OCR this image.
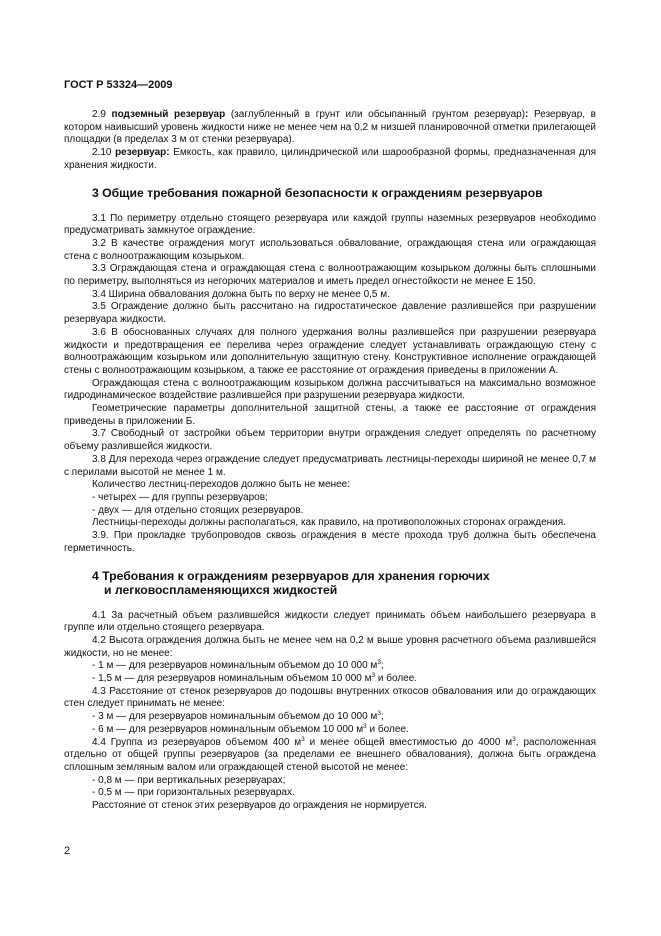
ГОСТ Р 53324—2009

2.9 подземный резервуар (заглубленный в грунт или обсыпанный грунтом резервуар): Резервуар, в котором наивысший уровень жидкости ниже не менее чем на 0,2 м низшей планировочной отметки прилегающей площадки (в пределах 3 м от стенки резервуара).

2.10 резервуар: Емкость, как правило, цилиндрической или шарообразной формы, предназначенная для хранения жидкости.

3 Общие требования пожарной безопасности к ограждениям резервуаров

3.1 По периметру отдельно стоящего резервуара или каждой группы наземных резервуаров необходимо предусматривать замкнутое ограждение.

3.2 В качестве ограждения могут использоваться обвалование, ограждающая стена или ограждающая стена с волноотражающим козырьком.

3.3 Ограждающая стена и ограждающая стена с волноотражающим козырьком должны быть сплошными по периметру, выполняться из негорючих материалов и иметь предел огнестойкости не менее Е 150.

3.4 Ширина обвалования должна быть по верху не менее 0,5 м.

3.5 Ограждение должно быть рассчитано на гидростатическое давление разлившейся при разрушении резервуара жидкости.

3.6 В обоснованных случаях для полного удержания волны разлившейся при разрушении резервуара жидкости и предотвращения ее перелива через ограждение следует устанавливать ограждающую стену с волноотражающим козырьком или дополнительную защитную стену. Конструктивное исполнение ограждающей стены с волноотражающим козырьком, а также ее расстояние от ограждения приведены в приложении А.

Ограждающая стена с волноотражающим козырьком должна рассчитываться на максимально возможное гидродинамическое воздействие разлившейся при разрушении резервуара жидкости.

Геометрические параметры дополнительной защитной стены, а также ее расстояние от ограждения приведены в приложении Б.

3.7 Свободный от застройки объем территории внутри ограждения следует определять по расчетному объему разлившейся жидкости.

3.8 Для перехода через ограждение следует предусматривать лестницы-переходы шириной не менее 0,7 м с перилами высотой не менее 1 м.

Количество лестниц-переходов должно быть не менее:

- четырех — для группы резервуаров;

- двух — для отдельно стоящих резервуаров.

Лестницы-переходы должны располагаться, как правило, на противоположных сторонах ограждения.

3.9. При прокладке трубопроводов сквозь ограждения в месте прохода труб должна быть обеспечена герметичность.

4 Требования к ограждениям резервуаров для хранения горючих
и легковоспламеняющихся жидкостей

4.1 За расчетный объем разлившейся жидкости следует принимать объем наибольшего резервуара в группе или отдельно стоящего резервуара.

4.2 Высота ограждения должна быть не менее чем на 0,2 м выше уровня расчетного объема разлившейся жидкости, но не менее:

- 1 м — для резервуаров номинальным объемом до 10 000 $м^3$;

- 1,5 м — для резервуаров номинальным объемом 10 000 $м^3$ и более.

4.3 Расстояние от стенок резервуаров до подошвы внутренних откосов обвалования или до ограждающих стен следует принимать не менее:

- 3 м — для резервуаров номинальным объемом до 10 000 $м^3$;

- 6 м — для резервуаров номинальным объемом 10 000 $м^3$ и более.

4.4 Группа из резервуаров объемом 400 $м^3$ и менее общей вместимостью до 4000 $м^3$, расположенная отдельно от общей группы резервуаров (за пределами ее внешнего обвалования), должна быть ограждена сплошным земляным валом или ограждающей стеной высотой не менее:

- 0,8 м — при вертикальных резервуарах;

- 0,5 м — при горизонтальных резервуарах.

Расстояние от стенок этих резервуаров до ограждения не нормируется.

2
